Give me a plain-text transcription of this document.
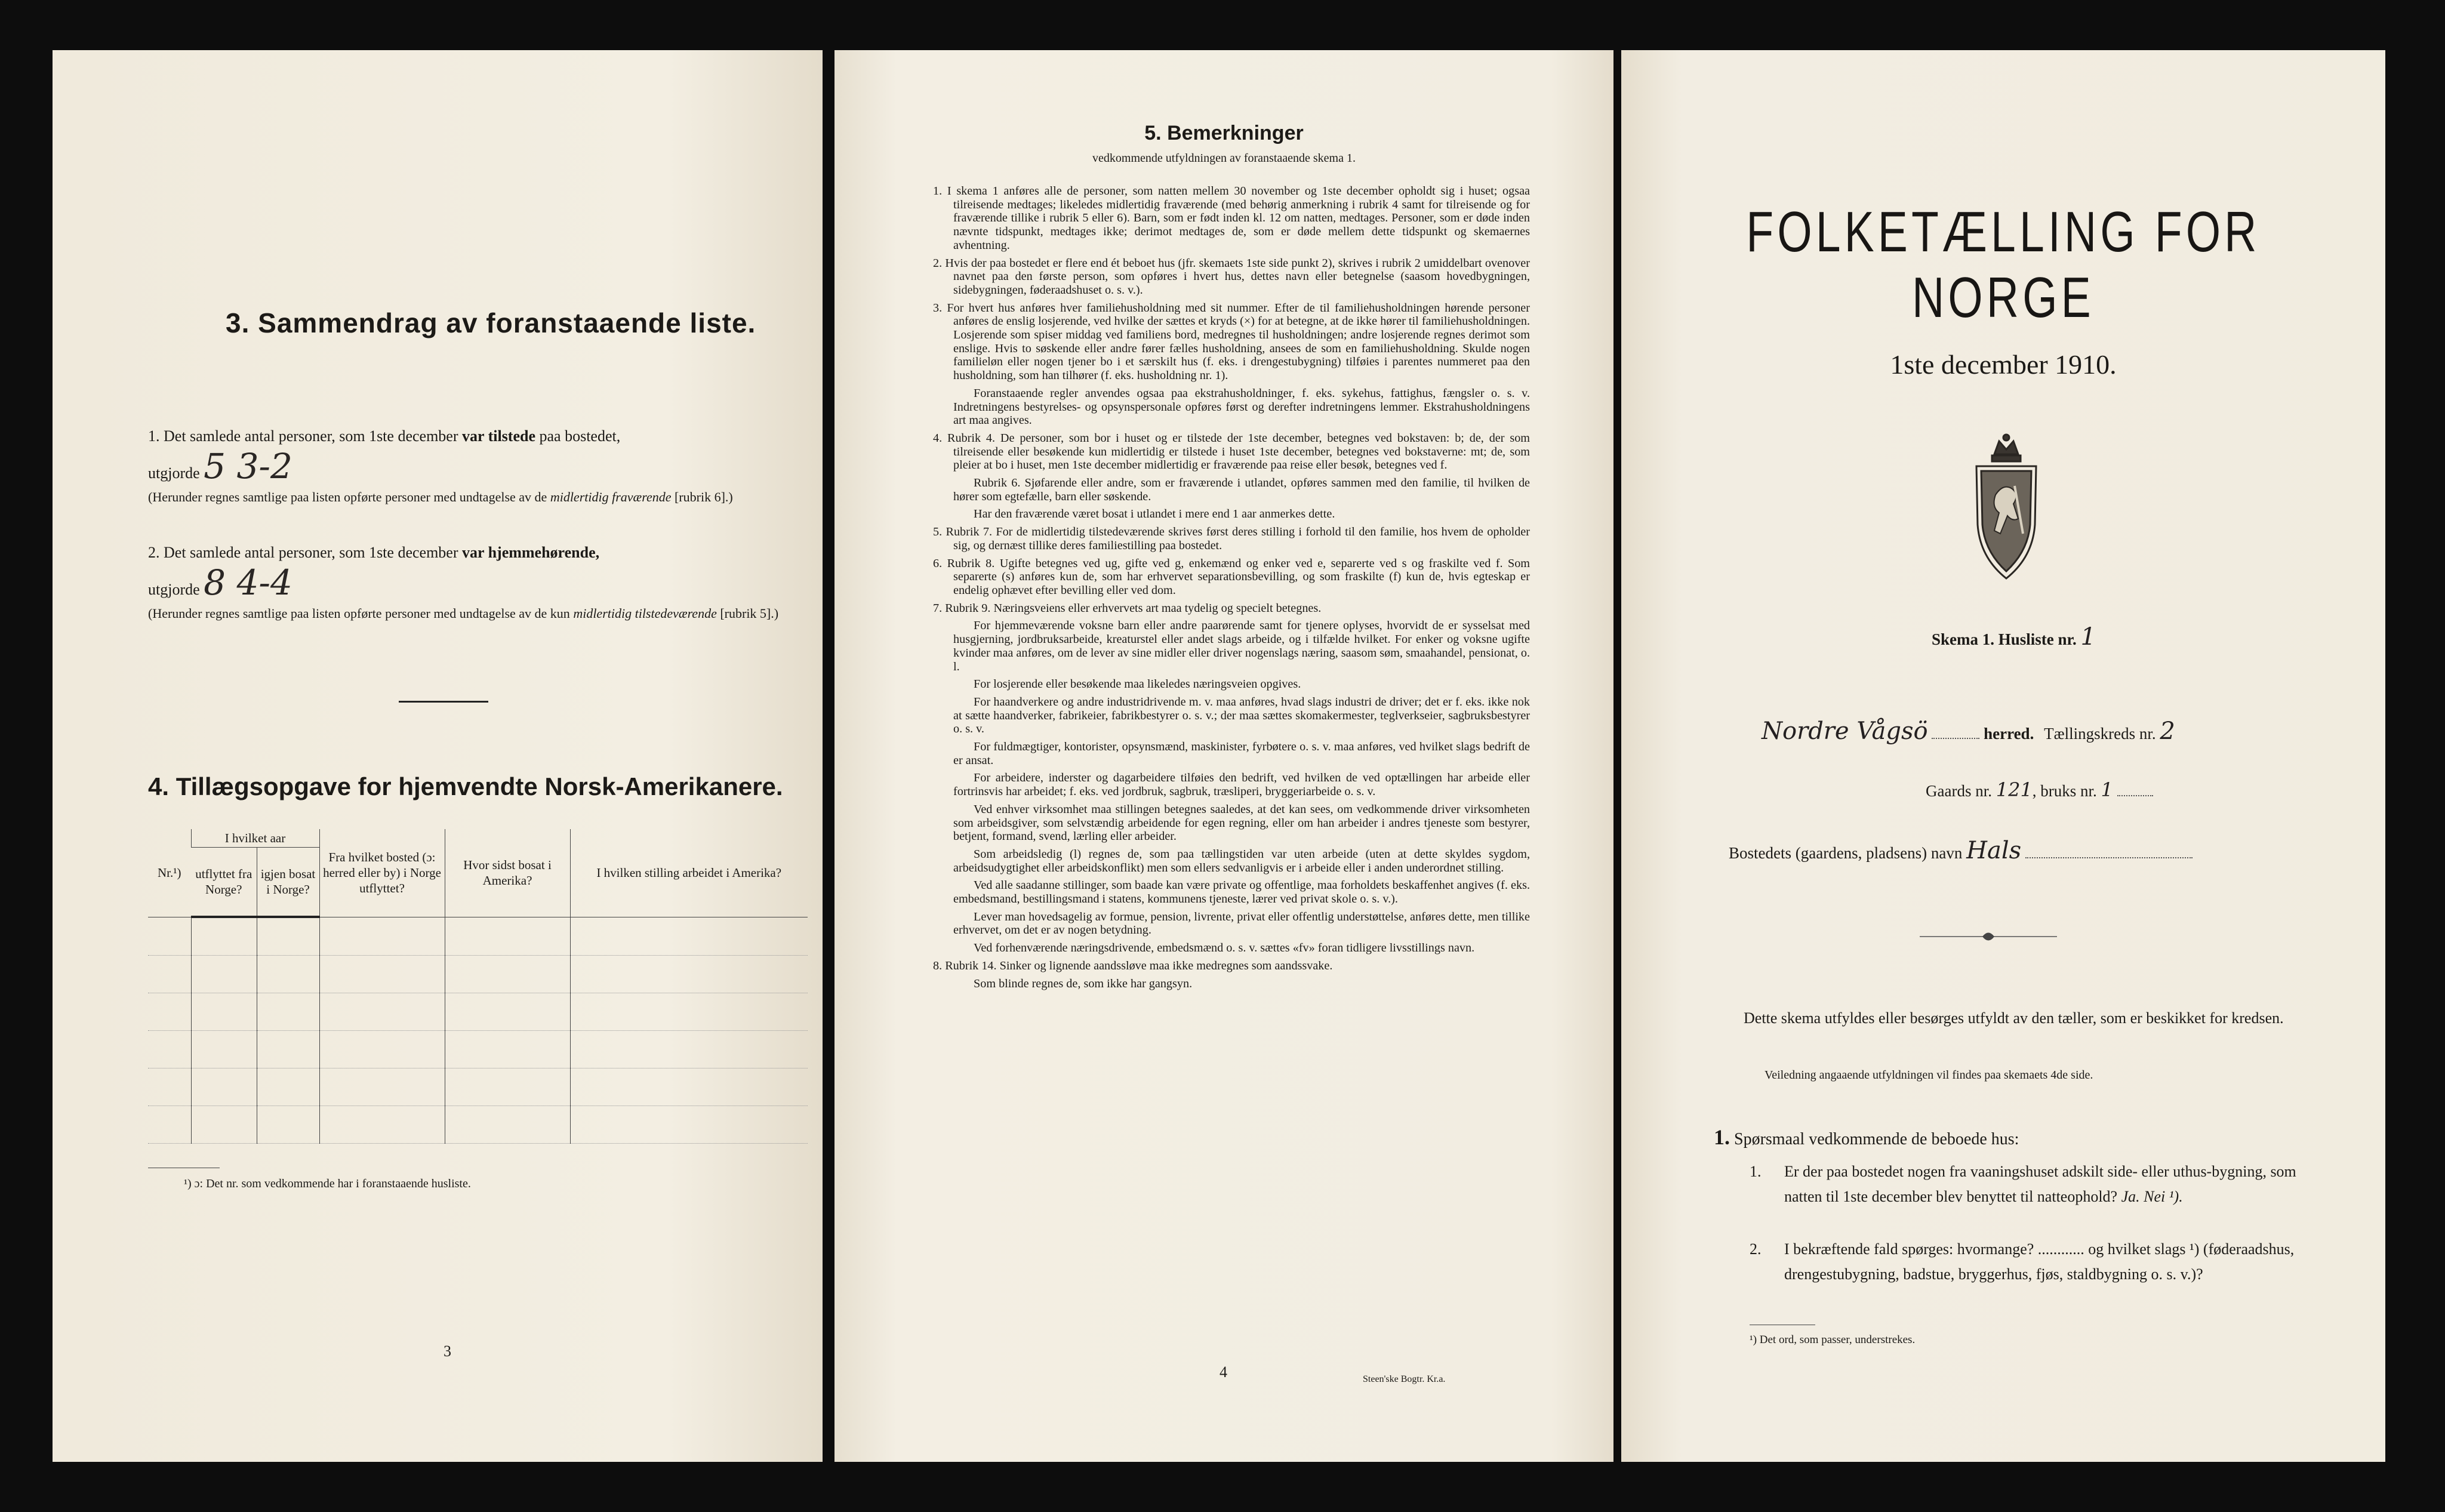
3. Sammendrag av foranstaaende liste.
1. Det samlede antal personer, som 1ste december var tilstede paa bostedet,
utgjorde 5 3-2
(Herunder regnes samtlige paa listen opførte personer med undtagelse av de midlertidig fraværende [rubrik 6].)
2. Det samlede antal personer, som 1ste december var hjemmehørende,
utgjorde 8 4-4
(Herunder regnes samtlige paa listen opførte personer med undtagelse av de kun midlertidig tilstedeværende [rubrik 5].)
4. Tillægsopgave for hjemvendte Norsk-Amerikanere.
Nr.¹)	I hvilket aar		Fra hvilket bosted (ɔ: herred eller by) i Norge utflyttet?	Hvor sidst bosat i Amerika?	I hvilken stilling arbeidet i Amerika?
	utflyttet fra Norge?	igjen bosat i Norge?			

¹) ɔ: Det nr. som vedkommende har i foranstaaende husliste.
3
5. Bemerkninger
vedkommende utfyldningen av foranstaaende skema 1.

1. I skema 1 anføres alle de personer, som natten mellem 30 november og 1ste december opholdt sig i huset; ogsaa tilreisende medtages; likeledes midlertidig fraværende (med behørig anmerkning i rubrik 4 samt for tilreisende og for fraværende tillike i rubrik 5 eller 6). Barn, som er født inden kl. 12 om natten, medtages. Personer, som er døde inden nævnte tidspunkt, medtages ikke; derimot medtages de, som er døde mellem dette tidspunkt og skemaernes avhentning.

2. Hvis der paa bostedet er flere end ét beboet hus (jfr. skemaets 1ste side punkt 2), skrives i rubrik 2 umiddelbart ovenover navnet paa den første person, som opføres i hvert hus, dettes navn eller betegnelse (saasom hovedbygningen, sidebygningen, føderaadshuset o. s. v.).

3. For hvert hus anføres hver familiehusholdning med sit nummer. Efter de til familiehusholdningen hørende personer anføres de enslig losjerende, ved hvilke der sættes et kryds (×) for at betegne, at de ikke hører til familiehusholdningen. Losjerende som spiser middag ved familiens bord, medregnes til husholdningen; andre losjerende regnes derimot som enslige. Hvis to søskende eller andre fører fælles husholdning, ansees de som en familiehusholdning. Skulde nogen familieløn eller nogen tjener bo i et særskilt hus (f. eks. i drengestubygning) tilføies i parentes nummeret paa den husholdning, som han tilhører (f. eks. husholdning nr. 1).

Foranstaaende regler anvendes ogsaa paa ekstrahusholdninger, f. eks. sykehus, fattighus, fængsler o. s. v. Indretningens bestyrelses- og opsynspersonale opføres først og derefter indretningens lemmer. Ekstrahusholdningens art maa angives.

4. Rubrik 4. De personer, som bor i huset og er tilstede der 1ste december, betegnes ved bokstaven: b; de, der som tilreisende eller besøkende kun midlertidig er tilstede i huset 1ste december, betegnes ved bokstaverne: mt; de, som pleier at bo i huset, men 1ste december midlertidig er fraværende paa reise eller besøk, betegnes ved f.

Rubrik 6. Sjøfarende eller andre, som er fraværende i utlandet, opføres sammen med den familie, til hvilken de hører som egtefælle, barn eller søskende.

Har den fraværende været bosat i utlandet i mere end 1 aar anmerkes dette.

5. Rubrik 7. For de midlertidig tilstedeværende skrives først deres stilling i forhold til den familie, hos hvem de opholder sig, og dernæst tillike deres familiestilling paa bostedet.

6. Rubrik 8. Ugifte betegnes ved ug, gifte ved g, enkemænd og enker ved e, separerte ved s og fraskilte ved f. Som separerte (s) anføres kun de, som har erhvervet separationsbevilling, og som fraskilte (f) kun de, hvis egteskap er endelig ophævet efter bevilling eller ved dom.

7. Rubrik 9. Næringsveiens eller erhvervets art maa tydelig og specielt betegnes.

For hjemmeværende voksne barn eller andre paarørende samt for tjenere oplyses, hvorvidt de er sysselsat med husgjerning, jordbruksarbeide, kreaturstel eller andet slags arbeide, og i tilfælde hvilket. For enker og voksne ugifte kvinder maa anføres, om de lever av sine midler eller driver nogenslags næring, saasom søm, smaahandel, pensionat, o. l.

For losjerende eller besøkende maa likeledes næringsveien opgives.

For haandverkere og andre industridrivende m. v. maa anføres, hvad slags industri de driver; det er f. eks. ikke nok at sætte haandverker, fabrikeier, fabrikbestyrer o. s. v.; der maa sættes skomakermester, teglverkseier, sagbruksbestyrer o. s. v.

For fuldmægtiger, kontorister, opsynsmænd, maskinister, fyrbøtere o. s. v. maa anføres, ved hvilket slags bedrift de er ansat.

For arbeidere, inderster og dagarbeidere tilføies den bedrift, ved hvilken de ved optællingen har arbeide eller fortrinsvis har arbeidet; f. eks. ved jordbruk, sagbruk, træsliperi, bryggeriarbeide o. s. v.

Ved enhver virksomhet maa stillingen betegnes saaledes, at det kan sees, om vedkommende driver virksomheten som arbeidsgiver, som selvstændig arbeidende for egen regning, eller om han arbeider i andres tjeneste som bestyrer, betjent, formand, svend, lærling eller arbeider.

Som arbeidsledig (l) regnes de, som paa tællingstiden var uten arbeide (uten at dette skyldes sygdom, arbeidsudygtighet eller arbeidskonflikt) men som ellers sedvanligvis er i arbeide eller i anden underordnet stilling.

Ved alle saadanne stillinger, som baade kan være private og offentlige, maa forholdets beskaffenhet angives (f. eks. embedsmand, bestillingsmand i statens, kommunens tjeneste, lærer ved privat skole o. s. v.).

Lever man hovedsagelig av formue, pension, livrente, privat eller offentlig understøttelse, anføres dette, men tillike erhvervet, om det er av nogen betydning.

Ved forhenværende næringsdrivende, embedsmænd o. s. v. sættes «fv» foran tidligere livsstillings navn.

8. Rubrik 14. Sinker og lignende aandssløve maa ikke medregnes som aandssvake.

Som blinde regnes de, som ikke har gangsyn.

4	Steen'ske Bogtr. Kr.a.
FOLKETÆLLING FOR NORGE
1ste december 1910.
Skema 1. Husliste nr. 1
Nordre Vågsö	herred. Tællingskreds nr. 2
Gaards nr. 121, bruks nr. 1
Bostedets (gaardens, pladsens) navn Hals
Dette skema utfyldes eller besørges utfyldt av den tæller, som er beskikket for kredsen.
Veiledning angaaende utfyldningen vil findes paa skemaets 4de side.
1. Spørsmaal vedkommende de beboede hus:
1.	Er der paa bostedet nogen fra vaaningshuset adskilt side- eller uthus-bygning, som natten til 1ste december blev benyttet til natteophold? Ja. Nei ¹).
2.	I bekræftende fald spørges: hvormange? ............ og hvilket slags ¹) (føderaadshus, drengestubygning, badstue, bryggerhus, fjøs, staldbygning o. s. v.)?
¹) Det ord, som passer, understrekes.
